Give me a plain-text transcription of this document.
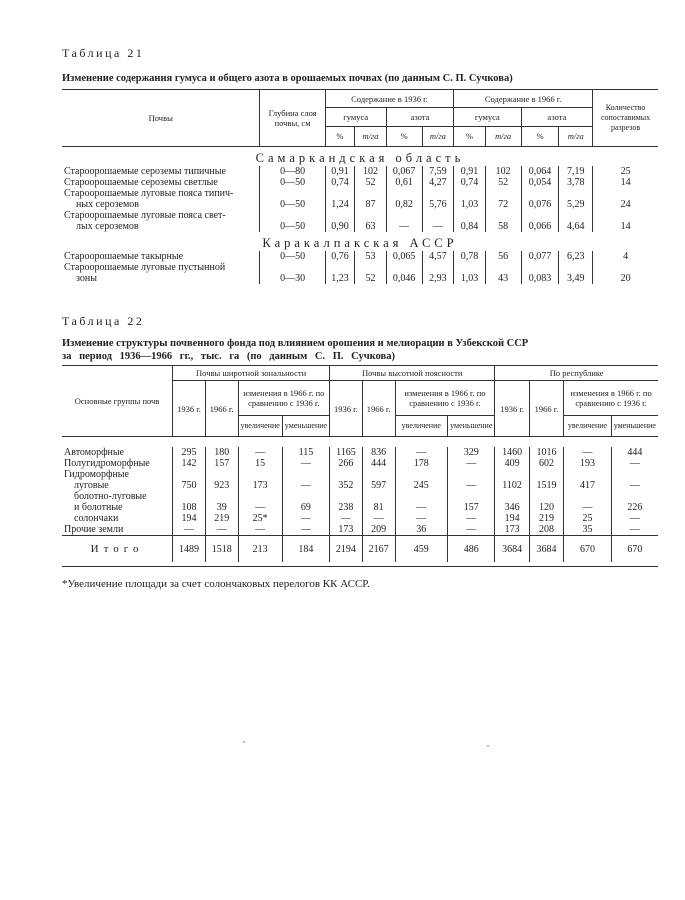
Таблица 21
Изменение содержания гумуса и общего азота в орошаемых почвах (по данным С. П. Сучкова)
Почвы	Глубина слоя почвы, см	Содержание в 1936 г.				Содержание в 1966 г.				Количество сопоставимых разрезов
		гумуса		азота		гумуса		азота		
		%	т/га	%	т/га	%	т/га	%	т/га	
Самаркандская область										
Староорошаемые сероземы типичные	0—80	0,91	102	0,067	7,59	0,91	102	0,064	7,19	25
Староорошаемые сероземы светлые	0—50	0,74	52	0,61	4,27	0,74	52	0,054	3,78	14

Староорошаемые луговые пояса типич-
ных сероземов	0—50	1,24	87	0,82	5,76	1,03	72	0,076	5,29	24

Староорошаемые луговые пояса свет-
лых сероземов	0—50	0,90	63	—	—	0,84	58	0,066	4,64	14
Каракалпакская АССР										
Староорошаемые такырные	0—50	0,76	53	0,065	4,57	0,78	56	0,077	6,23	4

Староорошаемые луговые пустынной
зоны	0—30	1,23	52	0,046	2,93	1,03	43	0,083	3,49	20

Таблица 22
Изменение структуры почвенного фонда под влиянием орошения и мелиорации в Узбекской ССР
за период 1936—1966 гг., тыс. га (по данным С. П. Сучкова)
Основные группы почв	Почвы широтной зональности				Почвы высотной поясности				По республике			
	1936 г.	1966 г.	изменения в 1966 г. по сравнению с 1936 г.		1936 г.	1966 г.	изменения в 1966 г. по сравнению с 1936 г.		1936 г.	1966 г.	изменения в 1966 г. по сравнению с 1936 г.	
			увеличение	уменьшение			увеличение	уменьшение			увеличение	уменьшение

Автоморфные	295	180	—	115	1165	836	—	329	1460	1016	—	444
Полугидроморфные	142	157	15	—	266	444	178	—	409	602	193	—
Гидроморфные												
луговые	750	923	173	—	352	597	245	—	1102	1519	417	—
болотно-луговые												
и болотные	108	39	—	69	238	81	—	157	346	120	—	226
солончаки	194	219	25*	—	—	—	—	—	194	219	25	—
Прочие земли	—	—	—	—	173	209	36	—	173	208	35	—
Итого	1489	1518	213	184	2194	2167	459	486	3684	3684	670	670

*Увеличение площади за счет солончаковых перелогов КК АССР.
